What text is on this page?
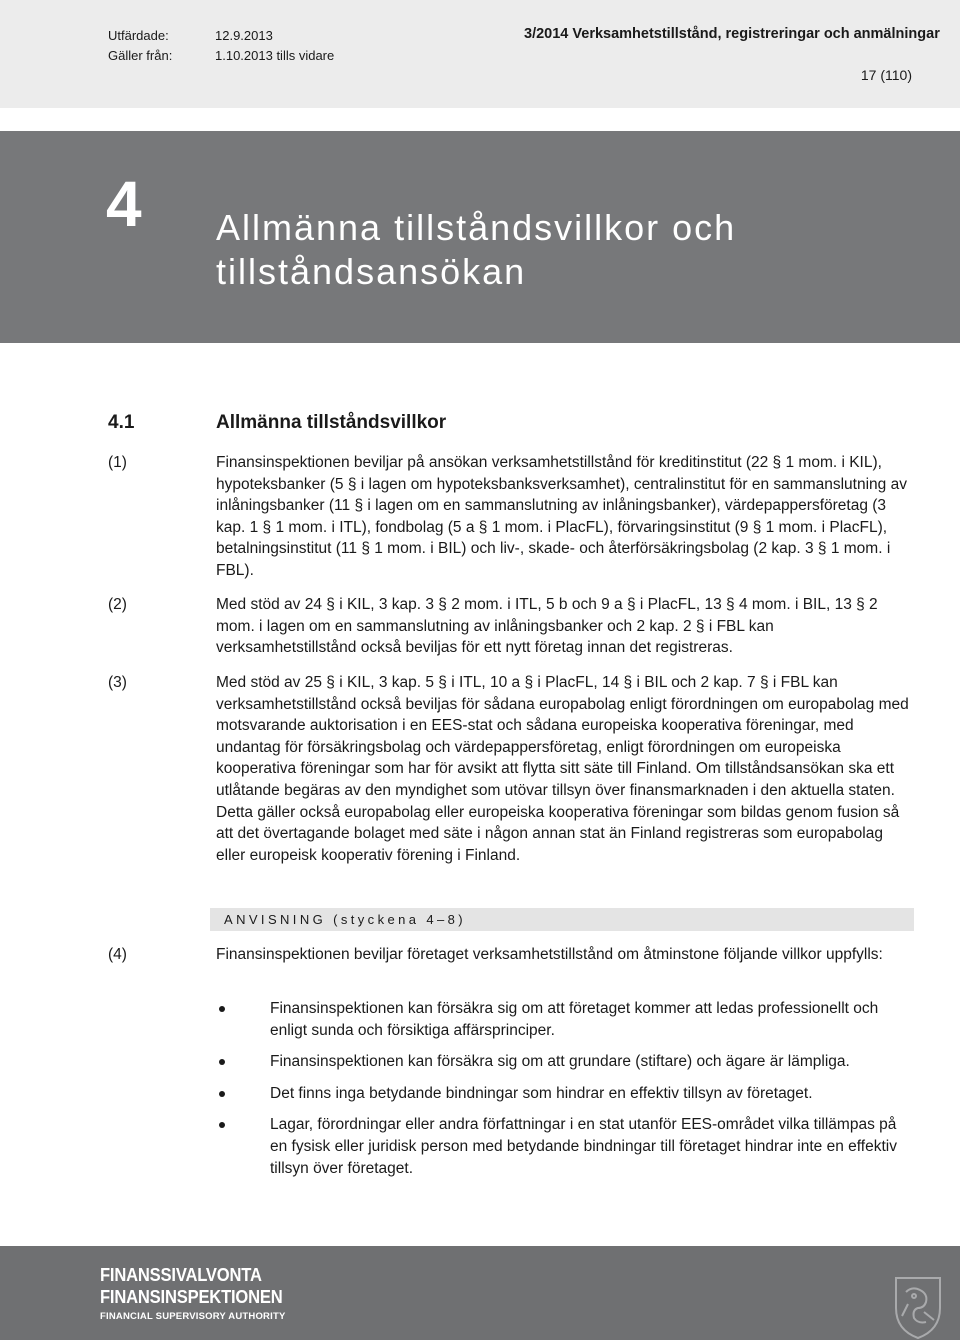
Utfärdade:	12.9.2013
Gäller från:	1.10.2013 tills vidare
3/2014 Verksamhetstillstånd, registreringar och anmälningar
17 (110)
4 Allmänna tillståndsvillkor och tillståndsansökan
4.1	Allmänna tillståndsvillkor
(1)	Finansinspektionen beviljar på ansökan verksamhetstillstånd för kreditinstitut (22 § 1 mom. i KIL), hypoteksbanker (5 § i lagen om hypoteksbanksverksamhet), centralinstitut för en sammanslutning av inlåningsbanker (11 § i lagen om en sammanslutning av inlåningsbanker), värdepappersföretag (3 kap. 1 § 1 mom. i ITL), fondbolag (5 a § 1 mom. i PlacFL), förvaringsinstitut (9 § 1 mom. i PlacFL), betalningsinstitut (11 § 1 mom. i BIL) och liv-, skade- och återförsäkringsbolag (2 kap. 3 § 1 mom. i FBL).
(2)	Med stöd av 24 § i KIL, 3 kap. 3 § 2 mom. i ITL, 5 b och 9 a § i PlacFL, 13 § 4 mom. i BIL, 13 § 2 mom. i lagen om en sammanslutning av inlåningsbanker och 2 kap. 2 § i FBL kan verksamhetstillstånd också beviljas för ett nytt företag innan det registreras.
(3)	Med stöd av 25 § i KIL, 3 kap. 5 § i ITL, 10 a § i PlacFL, 14 § i BIL och 2 kap. 7 § i FBL kan verksamhetstillstånd också beviljas för sådana europabolag enligt förordningen om europabolag med motsvarande auktorisation i en EES-stat och sådana europeiska kooperativa föreningar, med undantag för försäkringsbolag och värdepappersföretag, enligt förordningen om europeiska kooperativa föreningar som har för avsikt att flytta sitt säte till Finland. Om tillståndsansökan ska ett utlåtande begäras av den myndighet som utövar tillsyn över finansmarknaden i den aktuella staten. Detta gäller också europabolag eller europeiska kooperativa föreningar som bildas genom fusion så att det övertagande bolaget med säte i någon annan stat än Finland registreras som europabolag eller europeisk kooperativ förening i Finland.
ANVISNING (styckena 4–8)
(4)	Finansinspektionen beviljar företaget verksamhetstillstånd om åtminstone följande villkor uppfylls:
Finansinspektionen kan försäkra sig om att företaget kommer att ledas professionellt och enligt sunda och försiktiga affärsprinciper.
Finansinspektionen kan försäkra sig om att grundare (stiftare) och ägare är lämpliga.
Det finns inga betydande bindningar som hindrar en effektiv tillsyn av företaget.
Lagar, förordningar eller andra författningar i en stat utanför EES-området vilka tillämpas på en fysisk eller juridisk person med betydande bindningar till företaget hindrar inte en effektiv tillsyn över företaget.
FINANSSIVALVONTA
FINANSINSPEKTIONEN
FINANCIAL SUPERVISORY AUTHORITY
